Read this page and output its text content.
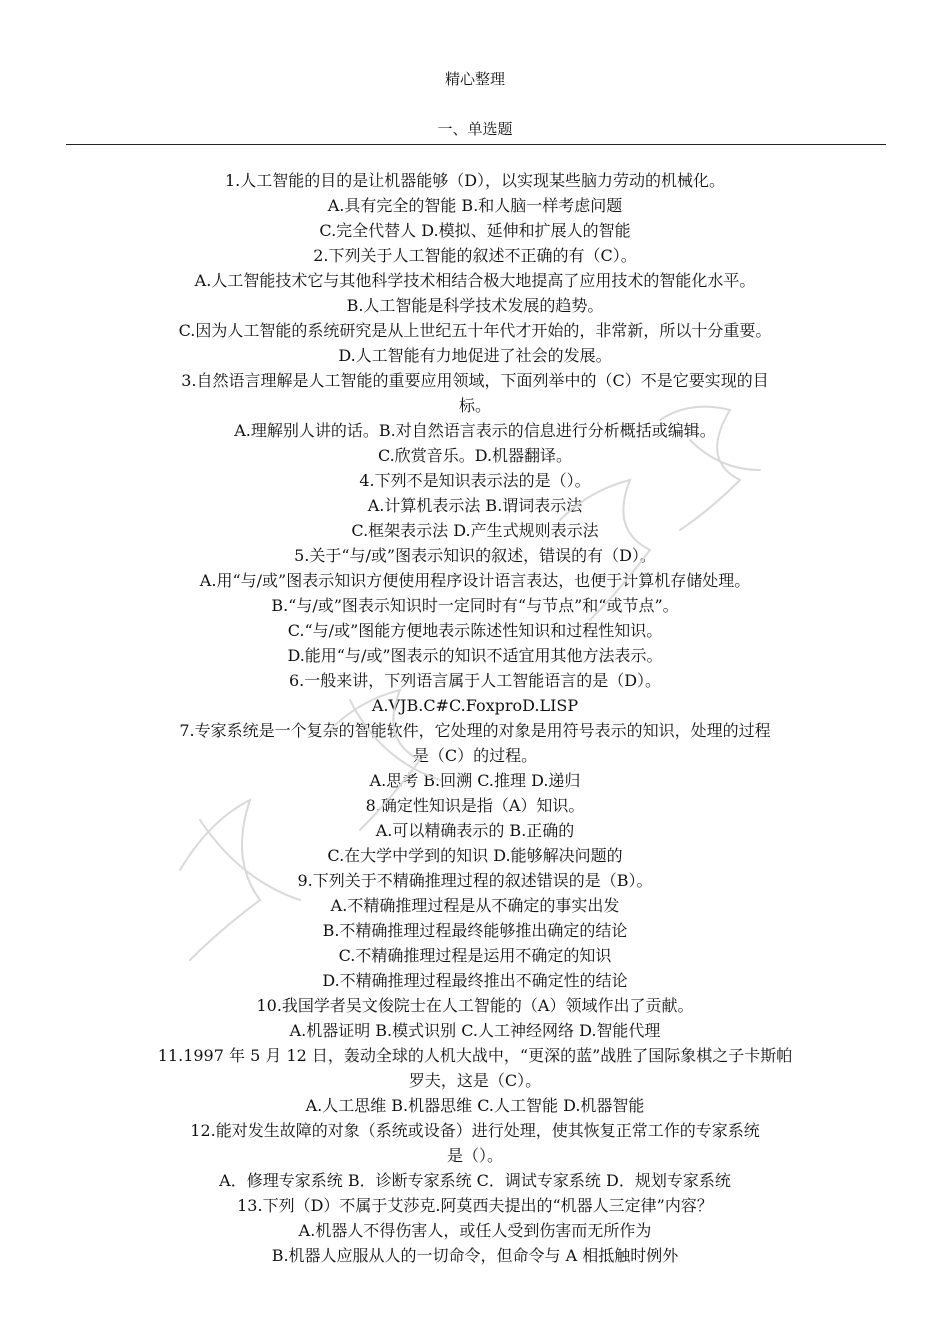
精心整理
一、单选题
1.人工智能的目的是让机器能够（D），以实现某些脑力劳动的机械化。
A.具有完全的智能 B.和人脑一样考虑问题
C.完全代替人 D.模拟、延伸和扩展人的智能
2.下列关于人工智能的叙述不正确的有（C）。
A.人工智能技术它与其他科学技术相结合极大地提高了应用技术的智能化水平。
B.人工智能是科学技术发展的趋势。
C.因为人工智能的系统研究是从上世纪五十年代才开始的，非常新，所以十分重要。
D.人工智能有力地促进了社会的发展。
3.自然语言理解是人工智能的重要应用领域，下面列举中的（C）不是它要实现的目
标。
A.理解别人讲的话。B.对自然语言表示的信息进行分析概括或编辑。
C.欣赏音乐。D.机器翻译。
4.下列不是知识表示法的是（）。
A.计算机表示法 B.谓词表示法
C.框架表示法 D.产生式规则表示法
5.关于“与/或”图表示知识的叙述，错误的有（D）。
A.用“与/或”图表示知识方便使用程序设计语言表达，也便于计算机存储处理。
B.“与/或”图表示知识时一定同时有“与节点”和“或节点”。
C.“与/或”图能方便地表示陈述性知识和过程性知识。
D.能用“与/或”图表示的知识不适宜用其他方法表示。
6.一般来讲，下列语言属于人工智能语言的是（D）。
A.VJB.C#C.FoxproD.LISP
7.专家系统是一个复杂的智能软件，它处理的对象是用符号表示的知识，处理的过程
是（C）的过程。
A.思考 B.回溯 C.推理 D.递归
8.确定性知识是指（A）知识。
A.可以精确表示的 B.正确的
C.在大学中学到的知识 D.能够解决问题的
9.下列关于不精确推理过程的叙述错误的是（B）。
A.不精确推理过程是从不确定的事实出发
B.不精确推理过程最终能够推出确定的结论
C.不精确推理过程是运用不确定的知识
D.不精确推理过程最终推出不确定性的结论
10.我国学者吴文俊院士在人工智能的（A）领域作出了贡献。
A.机器证明 B.模式识别 C.人工神经网络 D.智能代理
11.1997 年 5 月 12 日，轰动全球的人机大战中，“更深的蓝”战胜了国际象棋之子卡斯帕
罗夫，这是（C）。
A.人工思维 B.机器思维 C.人工智能 D.机器智能
12.能对发生故障的对象（系统或设备）进行处理，使其恢复正常工作的专家系统
是（）。
A．修理专家系统 B．诊断专家系统 C．调试专家系统 D．规划专家系统
13.下列（D）不属于艾莎克.阿莫西夫提出的“机器人三定律”内容？
A.机器人不得伤害人，或任人受到伤害而无所作为
B.机器人应服从人的一切命令，但命令与 A 相抵触时例外
